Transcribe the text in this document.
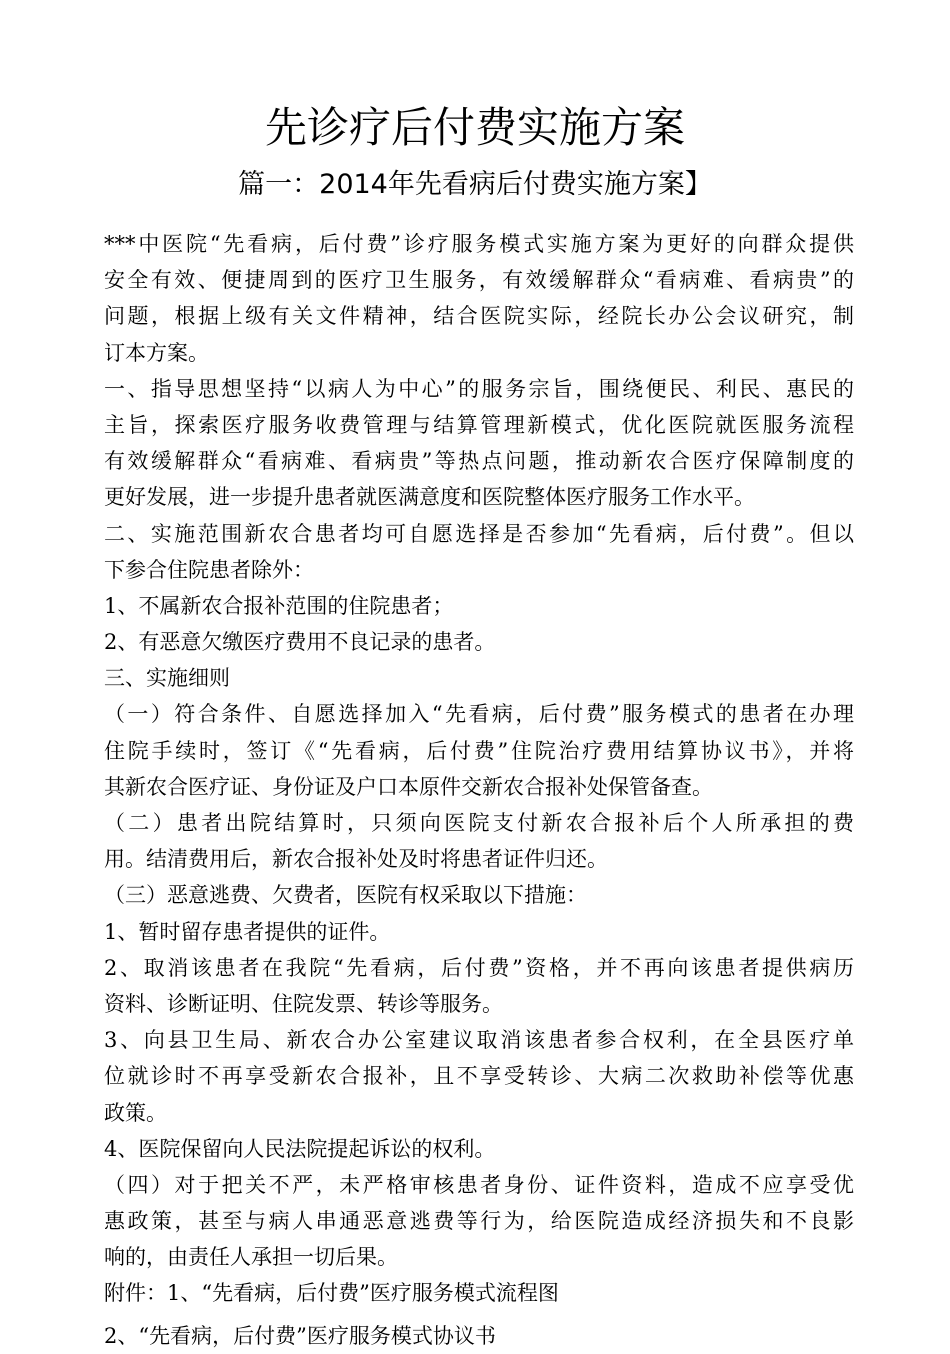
先诊疗后付费实施方案
篇一：2014年先看病后付费实施方案】
***中医院“先看病，后付费”诊疗服务模式实施方案为更好的向群众提供
安全有效、便捷周到的医疗卫生服务，有效缓解群众“看病难、看病贵”的
问题，根据上级有关文件精神，结合医院实际，经院长办公会议研究，制
订本方案。
一、指导思想坚持“以病人为中心”的服务宗旨，围绕便民、利民、惠民的
主旨，探索医疗服务收费管理与结算管理新模式，优化医院就医服务流程
有效缓解群众“看病难、看病贵”等热点问题，推动新农合医疗保障制度的
更好发展，进一步提升患者就医满意度和医院整体医疗服务工作水平。
二、实施范围新农合患者均可自愿选择是否参加“先看病，后付费”。但以
下参合住院患者除外：
1、不属新农合报补范围的住院患者；
2、有恶意欠缴医疗费用不良记录的患者。
三、实施细则
（一）符合条件、自愿选择加入“先看病，后付费”服务模式的患者在办理
住院手续时，签订《“先看病，后付费”住院治疗费用结算协议书》，并将
其新农合医疗证、身份证及户口本原件交新农合报补处保管备查。
（二）患者出院结算时，只须向医院支付新农合报补后个人所承担的费
用。结清费用后，新农合报补处及时将患者证件归还。
（三）恶意逃费、欠费者，医院有权采取以下措施：
1、暂时留存患者提供的证件。
2、取消该患者在我院“先看病，后付费”资格，并不再向该患者提供病历
资料、诊断证明、住院发票、转诊等服务。
3、向县卫生局、新农合办公室建议取消该患者参合权利，在全县医疗单
位就诊时不再享受新农合报补，且不享受转诊、大病二次救助补偿等优惠
政策。
4、医院保留向人民法院提起诉讼的权利。
（四）对于把关不严，未严格审核患者身份、证件资料，造成不应享受优
惠政策，甚至与病人串通恶意逃费等行为，给医院造成经济损失和不良影
响的，由责任人承担一切后果。
附件：1、“先看病，后付费”医疗服务模式流程图
2、“先看病，后付费”医疗服务模式协议书
